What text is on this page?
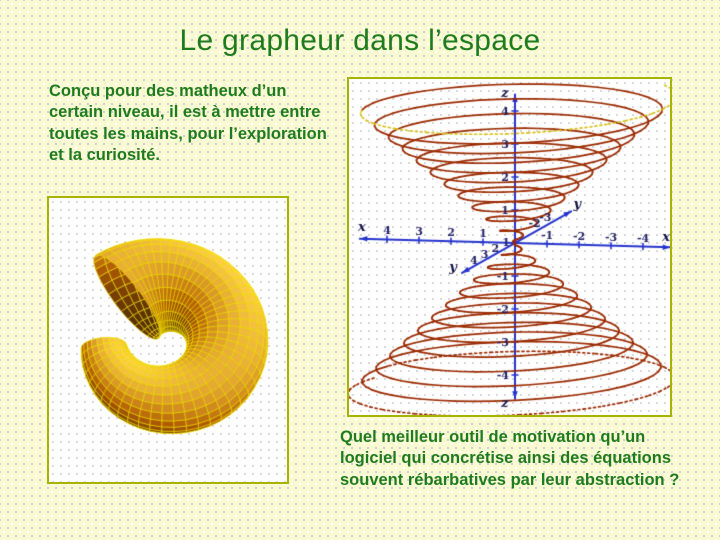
Le grapheur dans l’espace

Conçu pour des matheux d’un certain niveau, il est à mettre entre toutes les mains, pour l’exploration et la curiosité.

Quel meilleur outil de motivation qu’un logiciel qui concrétise ainsi des équations souvent rébarbatives par leur abstraction ?
